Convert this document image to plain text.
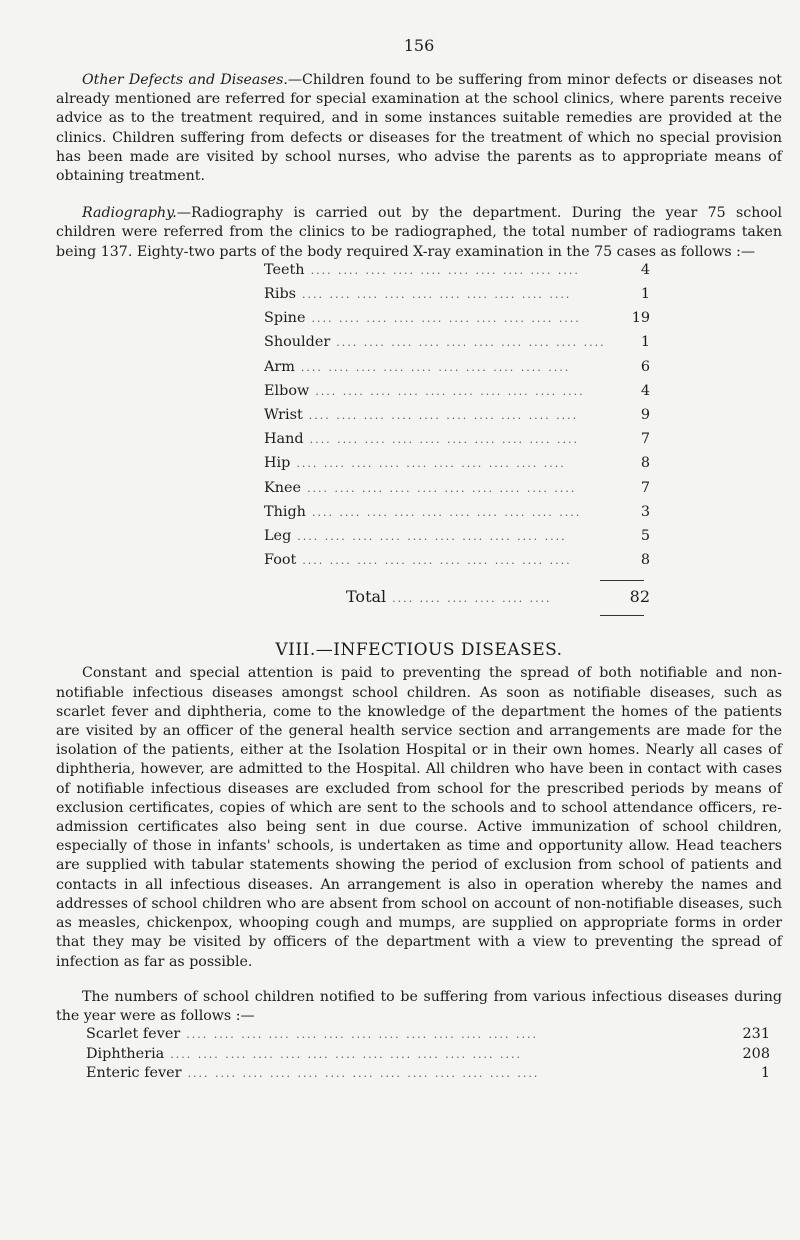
156

Other Defects and Diseases.—Children found to be suffering from minor defects or diseases not already mentioned are referred for special examination at the school clinics, where parents receive advice as to the treatment required, and in some instances suitable remedies are provided at the clinics. Children suffering from defects or diseases for the treatment of which no special provision has been made are visited by school nurses, who advise the parents as to appropriate means of obtaining treatment.

Radiography.—Radiography is carried out by the department. During the year 75 school children were referred from the clinics to be radiographed, the total number of radiograms taken being 137. Eighty-two parts of the body required X-ray examination in the 75 cases as follows :—

Teeth .... .... .... .... .... .... .... .... .... ....	4
Ribs .... .... .... .... .... .... .... .... .... ....	1
Spine .... .... .... .... .... .... .... .... .... ....	19
Shoulder .... .... .... .... .... .... .... .... .... ....	1
Arm .... .... .... .... .... .... .... .... .... ....	6
Elbow .... .... .... .... .... .... .... .... .... ....	4
Wrist .... .... .... .... .... .... .... .... .... ....	9
Hand .... .... .... .... .... .... .... .... .... ....	7
Hip .... .... .... .... .... .... .... .... .... ....	8
Knee .... .... .... .... .... .... .... .... .... ....	7
Thigh .... .... .... .... .... .... .... .... .... ....	3
Leg .... .... .... .... .... .... .... .... .... ....	5
Foot .... .... .... .... .... .... .... .... .... ....	8
Total .... .... .... .... .... ....	82
VIII.—INFECTIOUS DISEASES.

Constant and special attention is paid to preventing the spread of both notifiable and non-notifiable infectious diseases amongst school children. As soon as notifiable diseases, such as scarlet fever and diphtheria, come to the knowledge of the department the homes of the patients are visited by an officer of the general health service section and arrangements are made for the isolation of the patients, either at the Isolation Hospital or in their own homes. Nearly all cases of diphtheria, however, are admitted to the Hospital. All children who have been in contact with cases of notifiable infectious diseases are excluded from school for the prescribed periods by means of exclusion certificates, copies of which are sent to the schools and to school attendance officers, re-admission certificates also being sent in due course. Active immunization of school children, especially of those in infants' schools, is undertaken as time and opportunity allow. Head teachers are supplied with tabular statements showing the period of exclusion from school of patients and contacts in all infectious diseases. An arrangement is also in operation whereby the names and addresses of school children who are absent from school on account of non-notifiable diseases, such as measles, chickenpox, whooping cough and mumps, are supplied on appropriate forms in order that they may be visited by officers of the department with a view to preventing the spread of infection as far as possible.

The numbers of school children notified to be suffering from various infectious diseases during the year were as follows :—

Scarlet fever .... .... .... .... .... .... .... .... .... .... .... .... ....	231
Diphtheria .... .... .... .... .... .... .... .... .... .... .... .... ....	208
Enteric fever .... .... .... .... .... .... .... .... .... .... .... .... ....	1
